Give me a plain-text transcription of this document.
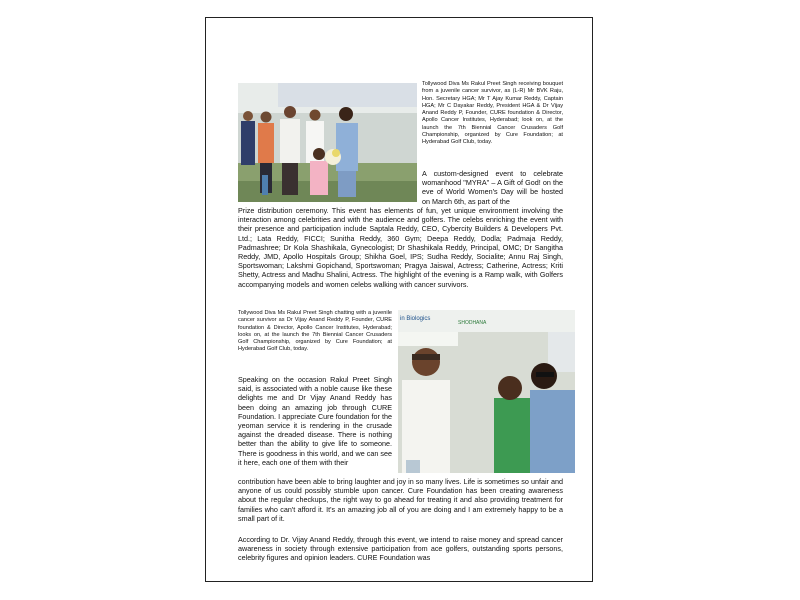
Tollywood Diva Ms Rakul Preet Singh receiving bouquet from a juvenile cancer survivor, as (L-R) Mr BVK Raju, Hon. Secretary HGA; Mr T Ajay Kumar Reddy, Captain HGA; Mr C Dayakar Reddy, President HGA & Dr Vijay Anand Reddy P, Founder, CURE foundation & Director, Apollo Cancer Institutes, Hyderabad; look on, at the launch the 7th Biennial Cancer Crusaders Golf Championship, organized by Cure Foundation; at Hyderabad Golf Club, today.
A custom-designed event to celebrate womanhood "MYRA" – A Gift of God! on the eve of World Women's Day will be hosted on March 6th, as part of the
Prize distribution ceremony. This event has elements of fun, yet unique environment involving the interaction among celebrities and with the audience and golfers. The celebs enriching the event with their presence and participation include Saptala Reddy, CEO, Cybercity Builders & Developers Pvt. Ltd.; Lata Reddy, FICCI; Sunitha Reddy, 360 Gym; Deepa Reddy, Dodla; Padmaja Reddy, Padmashree; Dr Kola Shashikala, Gynecologist; Dr Shashikala Reddy, Principal, OMC; Dr Sangitha Reddy, JMD, Apollo Hospitals Group; Shikha Goel, IPS; Sudha Reddy, Socialite; Annu Raj Singh, Sportswoman; Lakshmi Gopichand, Sportswoman; Pragya Jaiswal, Actress; Catherine, Actress; Kriti Shetty, Actress and Madhu Shalini, Actress. The highlight of the evening is a Ramp walk, with Golfers accompanying models and women celebs walking with cancer survivors.
Tollywood Diva Ms Rakul Preet Singh chatting with a juvenile cancer survivor as Dr Vijay Anand Reddy P, Founder, CURE foundation & Director, Apollo Cancer Institutes, Hyderabad; looks on, at the launch the 7th Biennial Cancer Crusaders Golf Championship, organized by Cure Foundation; at Hyderabad Golf Club, today.
in Biologics
SHODHANA
Speaking on the occasion Rakul Preet Singh said, is associated with a noble cause like these delights me and Dr Vijay Anand Reddy has been doing an amazing job through CURE Foundation. I appreciate Cure foundation for the yeoman service it is rendering in the crusade against the dreaded disease. There is nothing better than the ability to give life to someone. There is goodness in this world, and we can see it here, each one of them with their
contribution have been able to bring laughter and joy in so many lives. Life is sometimes so unfair and anyone of us could possibly stumble upon cancer. Cure Foundation has been creating awareness about the regular checkups, the right way to go ahead for treating it and also providing treatment for families who can't afford it. It's an amazing job all of you are doing and I am extremely happy to be a small part of it.
According to Dr. Vijay Anand Reddy, through this event, we intend to raise money and spread cancer awareness in society through extensive participation from ace golfers, outstanding sports persons, celebrity figures and opinion leaders. CURE Foundation was
